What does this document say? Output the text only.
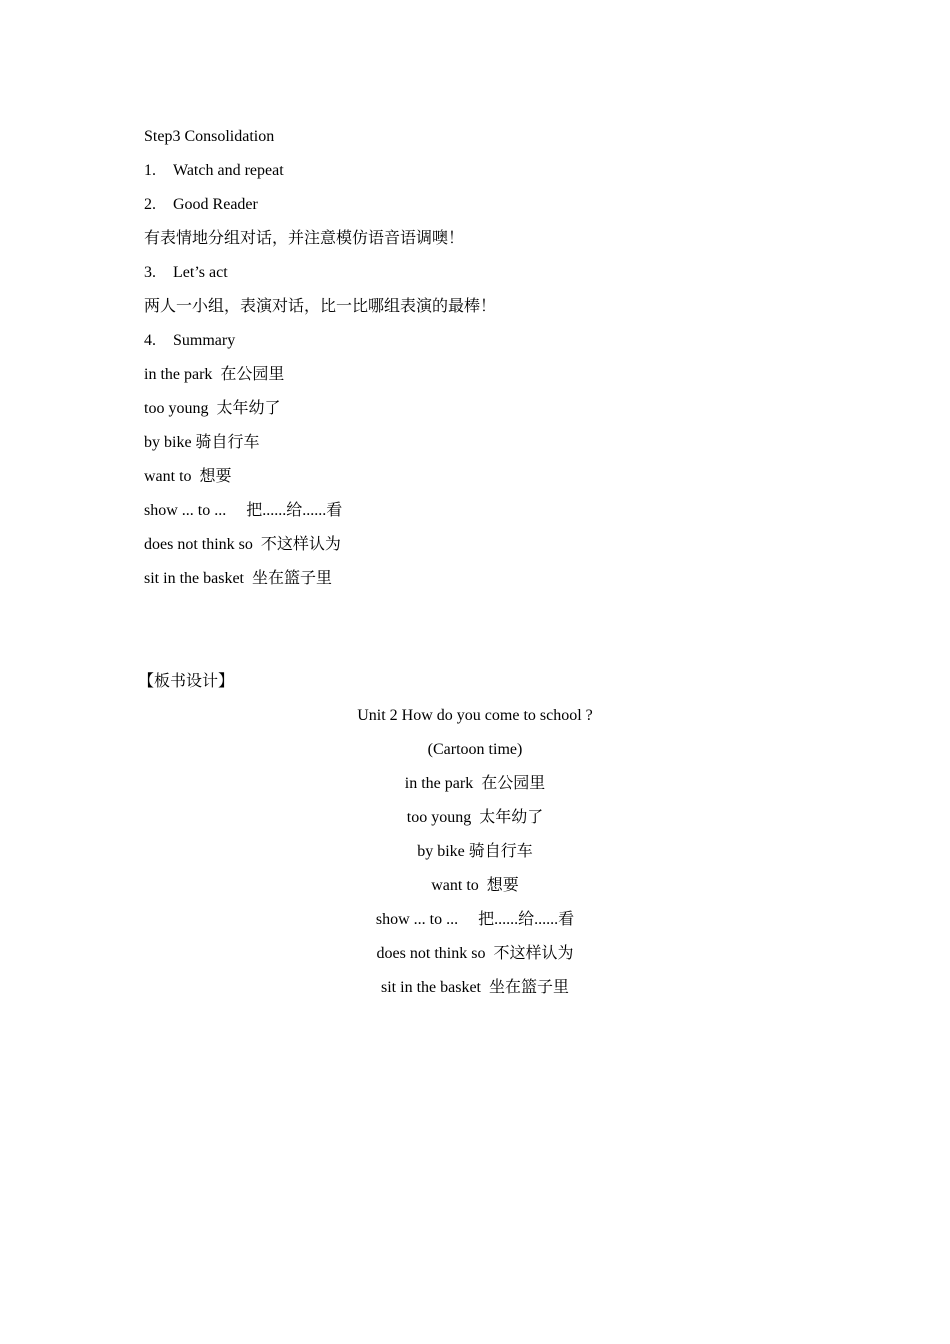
Step3 Consolidation
1. Watch and repeat
2. Good Reader
有表情地分组对话，并注意模仿语音语调噢！
3. Let’s act
两人一小组，表演对话，比一比哪组表演的最棒！
4. Summary
in the park  在公园里
too young  太年幼了
by bike 骑自行车
want to  想要
show ... to ...     把......给......看
does not think so  不这样认为
sit in the basket  坐在篮子里
【板书设计】
Unit 2 How do you come to school ?
(Cartoon time)
in the park  在公园里
too young  太年幼了
by bike 骑自行车
want to  想要
show ... to ...     把......给......看
does not think so  不这样认为
sit in the basket  坐在篮子里
